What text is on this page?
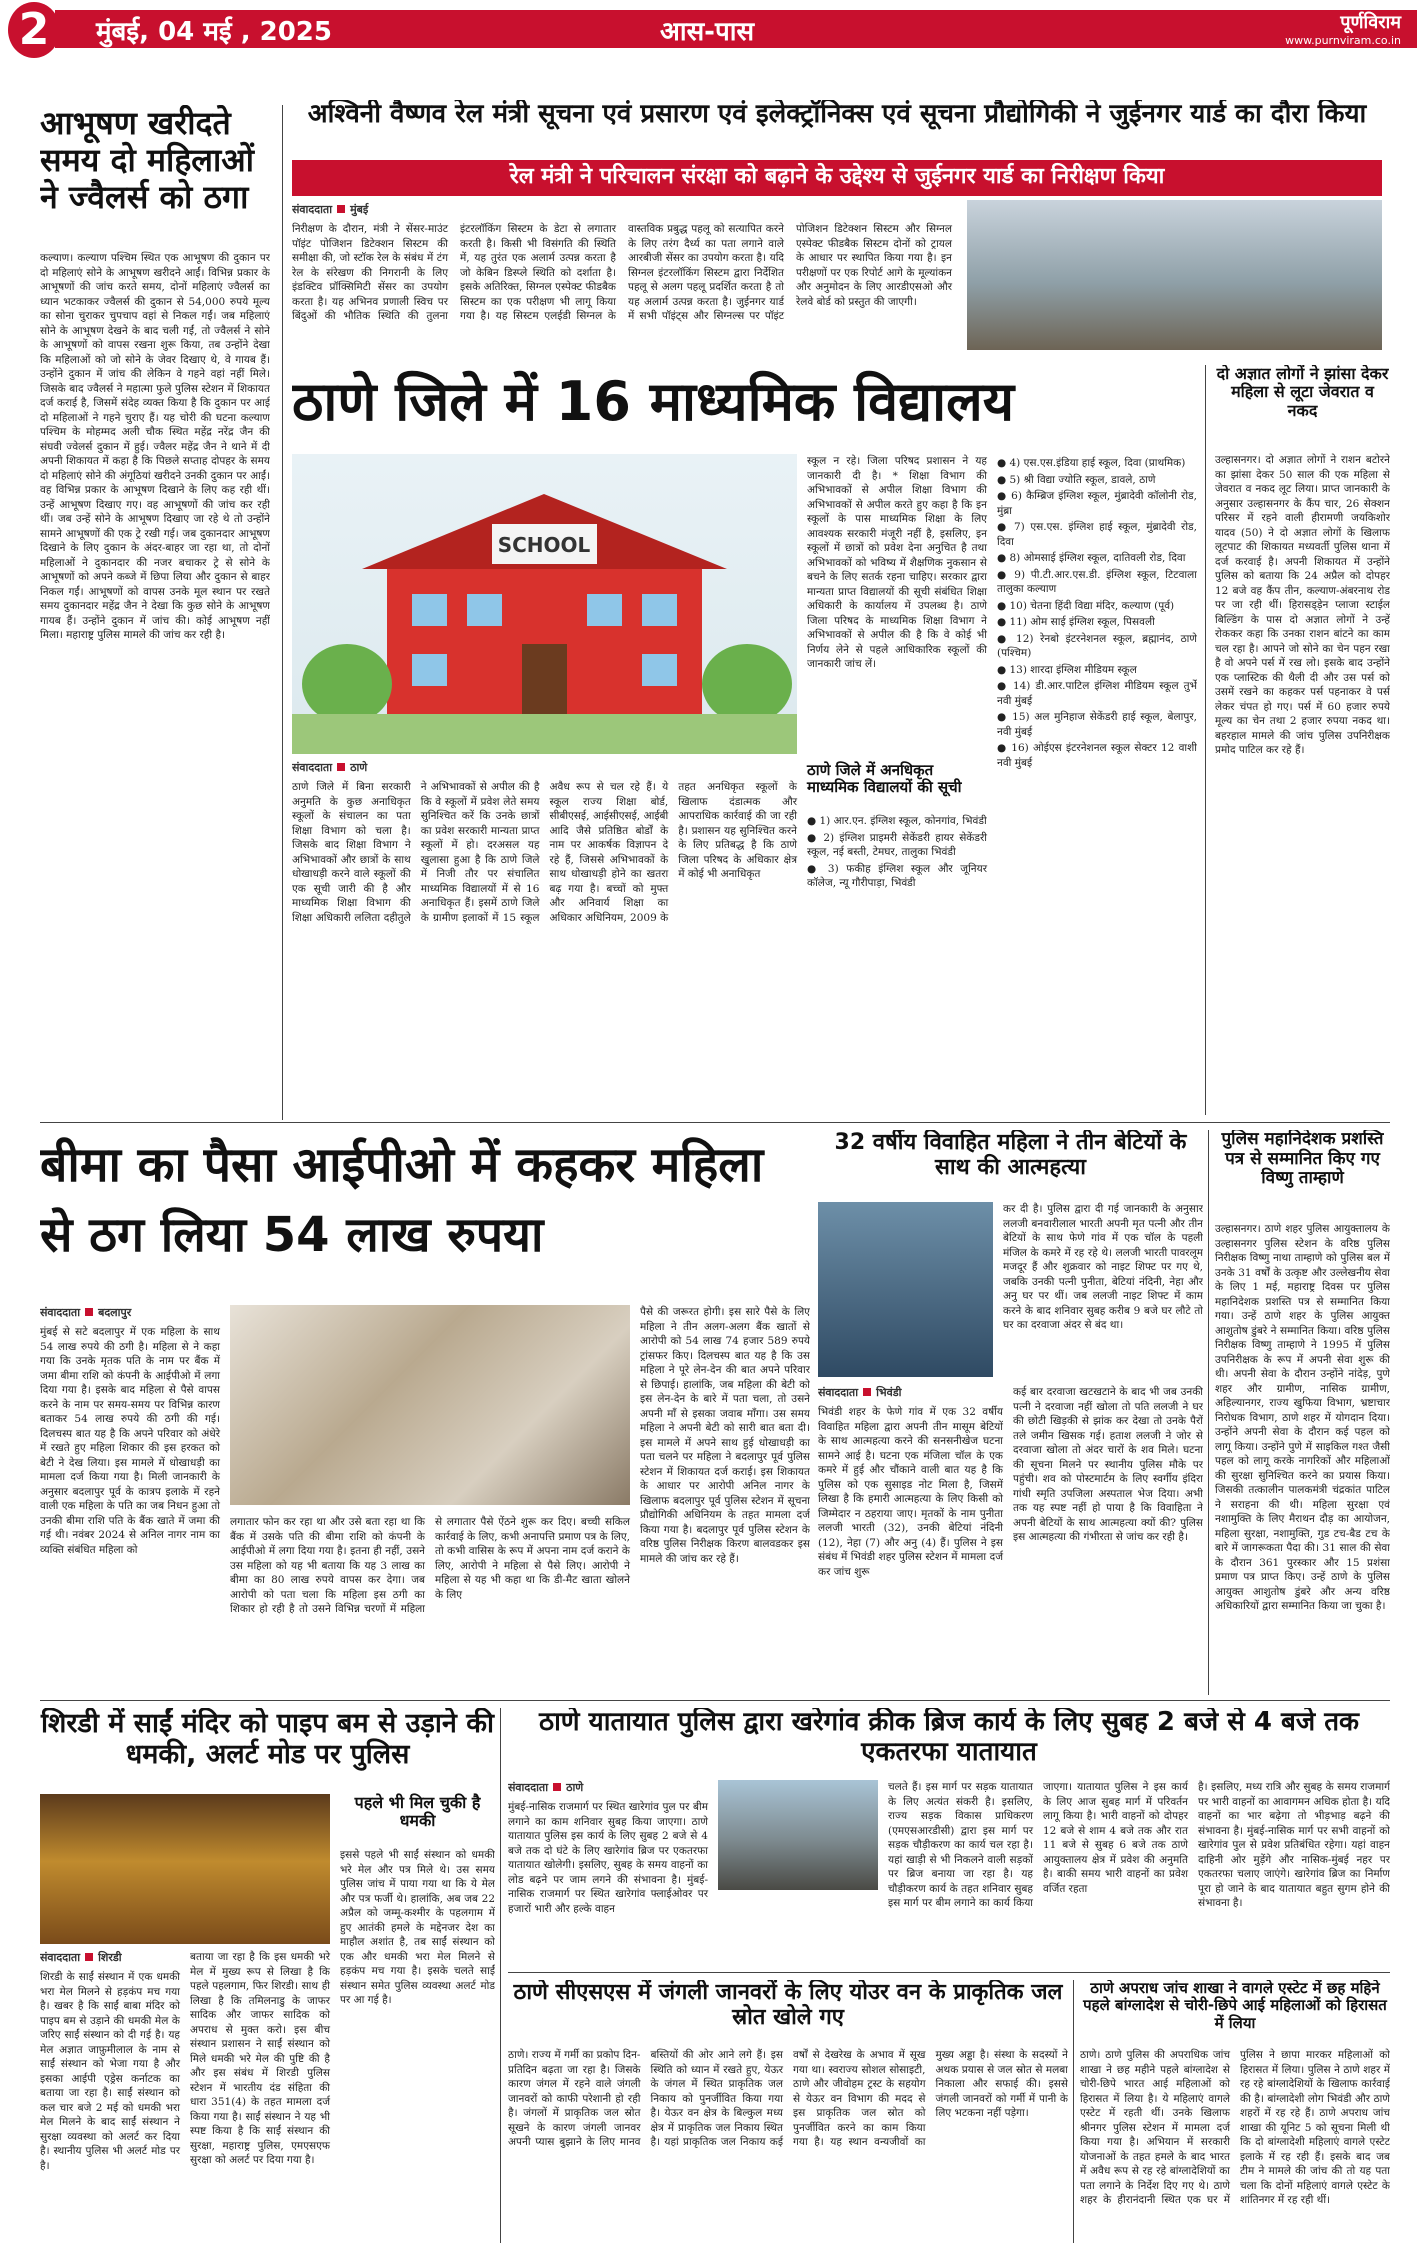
2	मुंबई, 04 मई , 2025	आस-पास	पूर्णविराम
www.purnviram.co.in
आभूषण खरीदते समय दो महिलाओं ने ज्वैलर्स को ठगा
कल्याण। कल्याण पश्चिम स्थित एक आभूषण की दुकान पर दो महिलाएं सोने के आभूषण खरीदने आईं। विभिन्न प्रकार के आभूषणों की जांच करते समय, दोनों महिलाएं ज्वैलर्स का ध्यान भटकाकर ज्वैलर्स की दुकान से 54,000 रुपये मूल्य का सोना चुराकर चुपचाप वहां से निकल गईं। जब महिलाएं सोने के आभूषण देखने के बाद चली गईं, तो ज्वैलर्स ने सोने के आभूषणों को वापस रखना शुरू किया, तब उन्होंने देखा कि महिलाओं को जो सोने के जेवर दिखाए थे, वे गायब हैं। उन्होंने दुकान में जांच की लेकिन वे गहने वहां नहीं मिले। जिसके बाद ज्वैलर्स ने महात्मा फुले पुलिस स्टेशन में शिकायत दर्ज कराई है, जिसमें संदेह व्यक्त किया है कि दुकान पर आई दो महिलाओं ने गहने चुराए हैं। यह चोरी की घटना कल्याण पश्चिम के मोहम्मद अली चौक स्थित महेंद्र नरेंद्र जैन की संघवी ज्वेलर्स दुकान में हुई। ज्वैलर महेंद्र जैन ने थाने में दी अपनी शिकायत में कहा है कि पिछले सप्ताह दोपहर के समय दो महिलाएं सोने की अंगूठियां खरीदने उनकी दुकान पर आईं। वह विभिन्न प्रकार के आभूषण दिखाने के लिए कह रही थीं। उन्हें आभूषण दिखाए गए। वह आभूषणों की जांच कर रही थीं। जब उन्हें सोने के आभूषण दिखाए जा रहे थे तो उन्होंने सामने आभूषणों की एक ट्रे रखी गई। जब दुकानदार आभूषण दिखाने के लिए दुकान के अंदर-बाहर जा रहा था, तो दोनों महिलाओं ने दुकानदार की नजर बचाकर ट्रे से सोने के आभूषणों को अपने कब्जे में छिपा लिया और दुकान से बाहर निकल गईं। आभूषणों को वापस उनके मूल स्थान पर रखते समय दुकानदार महेंद्र जैन ने देखा कि कुछ सोने के आभूषण गायब हैं। उन्होंने दुकान में जांच की। कोई आभूषण नहीं मिला। महाराष्ट्र पुलिस मामले की जांच कर रही है।
अश्विनी वैष्णव रेल मंत्री सूचना एवं प्रसारण एवं इलेक्ट्रॉनिक्स एवं सूचना प्रौद्योगिकी ने जुईनगर यार्ड का दौरा किया
रेल मंत्री ने परिचालन संरक्षा को बढ़ाने के उद्देश्य से जुईनगर यार्ड का निरीक्षण किया
संवाददाता मुंबई
निरीक्षण के दौरान, मंत्री ने सेंसर-माउंट पॉइंट पोजिशन डिटेक्शन सिस्टम की समीक्षा की, जो स्टॉक रेल के संबंध में टंग रेल के संरेखण की निगरानी के लिए इंडक्टिव प्रॉक्सिमिटी सेंसर का उपयोग करता है। यह अभिनव प्रणाली स्विच पर बिंदुओं की भौतिक स्थिति की तुलना इंटरलॉकिंग सिस्टम के डेटा से लगातार करती है। किसी भी विसंगति की स्थिति में, यह तुरंत एक अलार्म उत्पन्न करता है जो केबिन डिस्प्ले स्थिति को दर्शाता है। इसके अतिरिक्त, सिग्नल एस्पेक्ट फीडबैक सिस्टम का एक परीक्षण भी लागू किया गया है। यह सिस्टम एलईडी सिग्नल के वास्तविक प्रबुद्ध पहलू को सत्यापित करने के लिए तरंग दैर्ध्य का पता लगाने वाले आरबीजी सेंसर का उपयोग करता है। यदि सिग्नल इंटरलॉकिंग सिस्टम द्वारा निर्देशित पहलू से अलग पहलू प्रदर्शित करता है तो यह अलार्म उत्पन्न करता है। जुईनगर यार्ड में सभी पॉइंट्स और सिग्नल्स पर पॉइंट पोजिशन डिटेक्शन सिस्टम और सिग्नल एस्पेक्ट फीडबैक सिस्टम दोनों को ट्रायल के आधार पर स्थापित किया गया है। इन परीक्षणों पर एक रिपोर्ट आगे के मूल्यांकन और अनुमोदन के लिए आरडीएसओ और रेलवे बोर्ड को प्रस्तुत की जाएगी।
ठाणे जिले में 16 माध्यमिक विद्यालय
SCHOOL
संवाददाता ठाणे
ठाणे जिले में बिना सरकारी अनुमति के कुछ अनाधिकृत स्कूलों के संचालन का पता शिक्षा विभाग को चला है। जिसके बाद शिक्षा विभाग ने अभिभावकों और छात्रों के साथ धोखाधड़ी करने वाले स्कूलों की एक सूची जारी की है और माध्यमिक शिक्षा विभाग की शिक्षा अधिकारी ललिता दहीतुले ने अभिभावकों से अपील की है कि वे स्कूलों में प्रवेश लेते समय सुनिश्चित करें कि उनके छात्रों का प्रवेश सरकारी मान्यता प्राप्त स्कूलों में हो। दरअसल यह खुलासा हुआ है कि ठाणे जिले में निजी तौर पर संचालित माध्यमिक विद्यालयों में से 16 अनाधिकृत हैं। इसमें ठाणे जिले के ग्रामीण इलाकों में 15 स्कूल अवैध रूप से चल रहे हैं। ये स्कूल राज्य शिक्षा बोर्ड, सीबीएसई, आईसीएसई, आईबी आदि जैसे प्रतिष्ठित बोर्डों के नाम पर आकर्षक विज्ञापन दे रहे हैं, जिससे अभिभावकों के साथ धोखाधड़ी होने का खतरा बढ़ गया है। बच्चों को मुफ्त और अनिवार्य शिक्षा का अधिकार अधिनियम, 2009 के तहत अनधिकृत स्कूलों के खिलाफ दंडात्मक और आपराधिक कार्रवाई की जा रही है। प्रशासन यह सुनिश्चित करने के लिए प्रतिबद्ध है कि ठाणे जिला परिषद के अधिकार क्षेत्र में कोई भी अनाधिकृत
स्कूल न रहे। जिला परिषद प्रशासन ने यह जानकारी दी है। * शिक्षा विभाग की अभिभावकों से अपील शिक्षा विभाग की अभिभावकों से अपील करते हुए कहा है कि इन स्कूलों के पास माध्यमिक शिक्षा के लिए आवश्यक सरकारी मंजूरी नहीं है, इसलिए, इन स्कूलों में छात्रों को प्रवेश देना अनुचित है तथा अभिभावकों को भविष्य में शैक्षणिक नुकसान से बचने के लिए सतर्क रहना चाहिए। सरकार द्वारा मान्यता प्राप्त विद्यालयों की सूची संबंधित शिक्षा अधिकारी के कार्यालय में उपलब्ध है। ठाणे जिला परिषद के माध्यमिक शिक्षा विभाग ने अभिभावकों से अपील की है कि वे कोई भी निर्णय लेने से पहले आधिकारिक स्कूलों की जानकारी जांच लें।
ठाणे जिले में अनधिकृत माध्यमिक विद्यालयों की सूची
● 1) आर.एन. इंग्लिश स्कूल, कोनगांव, भिवंडी
● 2) इंग्लिश प्राइमरी सेकेंडरी हायर सेकेंडरी स्कूल, नई बस्ती, टेमघर, तालुका भिवंडी
● 3) फकीह इंग्लिश स्कूल और जूनियर कॉलेज, न्यू गौरीपाड़ा, भिवंडी
● 4) एस.एस.इंडिया हाई स्कूल, दिवा (प्राथमिक)
● 5) श्री विद्या ज्योति स्कूल, डावले, ठाणे
● 6) कैम्ब्रिज इंग्लिश स्कूल, मुंब्रादेवी कॉलोनी रोड, मुंब्रा
● 7) एस.एस. इंग्लिश हाई स्कूल, मुंब्रादेवी रोड, दिवा
● 8) ओमसाई इंग्लिश स्कूल, दातिवली रोड, दिवा
● 9) पी.टी.आर.एस.डी. इंग्लिश स्कूल, टिटवाला तालुका कल्याण
● 10) चेतना हिंदी विद्या मंदिर, कल्याण (पूर्व)
● 11) ओम साई इंग्लिश स्कूल, पिसवली
● 12) रेनबो इंटरनेशनल स्कूल, ब्रह्मानंद, ठाणे (पश्चिम)
● 13) शारदा इंग्लिश मीडियम स्कूल
● 14) डी.आर.पाटिल इंग्लिश मीडियम स्कूल तुर्भे नवी मुंबई
● 15) अल मुनिहाज सेकेंडरी हाई स्कूल, बेलापुर, नवी मुंबई
● 16) ओईएस इंटरनेशनल स्कूल सेक्टर 12 वाशी नवी मुंबई
दो अज्ञात लोगों ने झांसा देकर महिला से लूटा जेवरात व नकद
उल्हासनगर। दो अज्ञात लोगों ने राशन बटोरने का झांसा देकर 50 साल की एक महिला से जेवरात व नकद लूट लिया। प्राप्त जानकारी के अनुसार उल्हासनगर के कैंप चार, 26 सेक्शन परिसर में रहने वाली हीरामणी जयकिशोर यादव (50) ने दो अज्ञात लोगों के खिलाफ लूटपाट की शिकायत मध्यवर्ती पुलिस थाना में दर्ज करवाई है। अपनी शिकायत में उन्होंने पुलिस को बताया कि 24 अप्रैल को दोपहर 12 बजे वह कैंप तीन, कल्याण-अंबरनाथ रोड पर जा रही थीं। हिरासड्ड़ेन प्लाजा स्टाईल बिल्डिंग के पास दो अज्ञात लोगों ने उन्हें रोककर कहा कि उनका राशन बांटने का काम चल रहा है। आपने जो सोने का चेन पहन रखा है वो अपने पर्स में रख लो। इसके बाद उन्होंने एक प्लास्टिक की थैली दी और उस पर्स को उसमें रखने का कहकर पर्स पहनाकर वे पर्स लेकर चंपत हो गए। पर्स में 60 हजार रुपये मूल्य का चेन तथा 2 हजार रुपया नकद था। बहरहाल मामले की जांच पुलिस उपनिरीक्षक प्रमोद पाटिल कर रहे हैं।
बीमा का पैसा आईपीओ में कहकर महिला से ठग लिया 54 लाख रुपया
संवाददाता बदलापुर
मुंबई से सटे बदलापुर में एक महिला के साथ 54 लाख रुपये की ठगी है। महिला से ने कहा गया कि उनके मृतक पति के नाम पर बैंक में जमा बीमा राशि को कंपनी के आईपीओ में लगा दिया गया है। इसके बाद महिला से पैसे वापस करने के नाम पर समय-समय पर विभिन्न कारण बताकर 54 लाख रुपये की ठगी की गई। दिलचस्प बात यह है कि अपने परिवार को अंधेरे में रखते हुए महिला शिकार की इस हरकत को बेटी ने देख लिया। इस मामले में धोखाधड़ी का मामला दर्ज किया गया है। मिली जानकारी के अनुसार बदलापुर पूर्व के कात्रप इलाके में रहने वाली एक महिला के पति का जब निधन हुआ तो उनकी बीमा राशि पति के बैंक खाते में जमा की गई थी। नवंबर 2024 से अनिल नागर नाम का व्यक्ति संबंधित महिला को
लगातार फोन कर रहा था और उसे बता रहा था कि बैंक में उसके पति की बीमा राशि को कंपनी के आईपीओ में लगा दिया गया है। इतना ही नहीं, उसने उस महिला को यह भी बताया कि यह 3 लाख का बीमा का 80 लाख रुपये वापस कर देगा। जब आरोपी को पता चला कि महिला इस ठगी का शिकार हो रही है तो उसने विभिन्न चरणों में महिला से लगातार पैसे ऐंठने शुरू कर दिए। बच्ची सकिल कार्रवाई के लिए, कभी अनापत्ति प्रमाण पत्र के लिए, तो कभी वासिस के रूप में अपना नाम दर्ज कराने के लिए, आरोपी ने महिला से पैसे लिए। आरोपी ने महिला से यह भी कहा था कि डी-मैट खाता खोलने के लिए
पैसे की जरूरत होगी। इस सारे पैसे के लिए महिला ने तीन अलग-अलग बैंक खातों से आरोपी को 54 लाख 74 हजार 589 रुपये ट्रांसफर किए। दिलचस्प बात यह है कि उस महिला ने पूरे लेन-देन की बात अपने परिवार से छिपाई। हालांकि, जब महिला की बेटी को इस लेन-देन के बारे में पता चला, तो उसने अपनी माँ से इसका जवाब माँगा। उस समय महिला ने अपनी बेटी को सारी बात बता दी। इस मामले में अपने साथ हुई धोखाधड़ी का पता चलने पर महिला ने बदलापुर पूर्व पुलिस स्टेशन में शिकायत दर्ज कराई। इस शिकायत के आधार पर आरोपी अनिल नागर के खिलाफ बदलापुर पूर्व पुलिस स्टेशन में सूचना प्रौद्योगिकी अधिनियम के तहत मामला दर्ज किया गया है। बदलापुर पूर्व पुलिस स्टेशन के वरिष्ठ पुलिस निरीक्षक किरण बालवडकर इस मामले की जांच कर रहे हैं।
32 वर्षीय विवाहित महिला ने तीन बेटियों के साथ की आत्महत्या
कर दी है। पुलिस द्वारा दी गई जानकारी के अनुसार ललजी बनवारीलाल भारती अपनी मृत पत्नी और तीन बेटियों के साथ फेणे गांव में एक चॉल के पहली मंजिल के कमरे में रह रहे थे। ललजी भारती पावरलूम मजदूर हैं और शुक्रवार को नाइट शिफ्ट पर गए थे, जबकि उनकी पत्नी पुनीता, बेटियां नंदिनी, नेहा और अनु घर पर थीं। जब ललजी नाइट शिफ्ट में काम करने के बाद शनिवार सुबह करीब 9 बजे घर लौटे तो घर का दरवाजा अंदर से बंद था।
संवाददाता भिवंडी
भिवंडी शहर के फेणे गांव में एक 32 वर्षीय विवाहित महिला द्वारा अपनी तीन मासूम बेटियों के साथ आत्महत्या करने की सनसनीखेज घटना सामने आई है। घटना एक मंजिला चॉल के एक कमरे में हुई और चौंकाने वाली बात यह है कि पुलिस को एक सुसाइड नोट मिला है, जिसमें लिखा है कि हमारी आत्महत्या के लिए किसी को जिम्मेदार न ठहराया जाए। मृतकों के नाम पुनीता ललजी भारती (32), उनकी बेटियां नंदिनी (12), नेहा (7) और अनु (4) हैं। पुलिस ने इस संबंध में भिवंडी शहर पुलिस स्टेशन में मामला दर्ज कर जांच शुरू
कई बार दरवाजा खटखटाने के बाद भी जब उनकी पत्नी ने दरवाजा नहीं खोला तो पति ललजी ने घर की छोटी खिड़की से झांक कर देखा तो उनके पैरों तले जमीन खिसक गई। हताश ललजी ने जोर से दरवाजा खोला तो अंदर चारों के शव मिले। घटना की सूचना मिलने पर स्थानीय पुलिस मौके पर पहुंची। शव को पोस्टमार्टम के लिए स्वर्गीय इंदिरा गांधी स्मृति उपजिला अस्पताल भेज दिया। अभी तक यह स्पष्ट नहीं हो पाया है कि विवाहिता ने अपनी बेटियों के साथ आत्महत्या क्यों की? पुलिस इस आत्महत्या की गंभीरता से जांच कर रही है।
पुलिस महानिदेशक प्रशस्ति पत्र से सम्मानित किए गए विष्णु ताम्हाणे
उल्हासनगर। ठाणे शहर पुलिस आयुक्तालय के उल्हासनगर पुलिस स्टेशन के वरिष्ठ पुलिस निरीक्षक विष्णु नाथा ताम्हाणे को पुलिस बल में उनके 31 वर्षों के उत्कृष्ट और उल्लेखनीय सेवा के लिए 1 मई, महाराष्ट्र दिवस पर पुलिस महानिदेशक प्रशस्ति पत्र से सम्मानित किया गया। उन्हें ठाणे शहर के पुलिस आयुक्त आशुतोष डुंबरे ने सम्मानित किया। वरिष्ठ पुलिस निरीक्षक विष्णु ताम्हाणे ने 1995 में पुलिस उपनिरीक्षक के रूप में अपनी सेवा शुरू की थी। अपनी सेवा के दौरान उन्होंने नांदेड़, पुणे शहर और ग्रामीण, नासिक ग्रामीण, अहिल्यानगर, राज्य खुफिया विभाग, भ्रष्टाचार निरोधक विभाग, ठाणे शहर में योगदान दिया। उन्होंने अपनी सेवा के दौरान कई पहल को लागू किया। उन्होंने पुणे में साइकिल गश्त जैसी पहल को लागू करके नागरिकों और महिलाओं की सुरक्षा सुनिश्चित करने का प्रयास किया। जिसकी तत्कालीन पालकमंत्री चंद्रकांत पाटिल ने सराहना की थी। महिला सुरक्षा एवं नशामुक्ति के लिए मैराथन दौड़ का आयोजन, महिला सुरक्षा, नशामुक्ति, गुड टच-बैड टच के बारे में जागरूकता पैदा की। 31 साल की सेवा के दौरान 361 पुरस्कार और 15 प्रशंसा प्रमाण पत्र प्राप्त किए। उन्हें ठाणे के पुलिस आयुक्त आशुतोष डुंबरे और अन्य वरिष्ठ अधिकारियों द्वारा सम्मानित किया जा चुका है।
शिरडी में साईं मंदिर को पाइप बम से उड़ाने की धमकी, अलर्ट मोड पर पुलिस
संवाददाता शिरडी
शिरडी के साईं संस्थान में एक धमकी भरा मेल मिलने से हड़कंप मच गया है। खबर है कि साईं बाबा मंदिर को पाइप बम से उड़ाने की धमकी मेल के जरिए साईं संस्थान को दी गई है। यह मेल अज्ञात जाफ़ुमीलाल के नाम से साईं संस्थान को भेजा गया है और इसका आईपी एड्रेस कर्नाटक का बताया जा रहा है। साईं संस्थान को कल चार बजे 2 मई को धमकी भरा मेल मिलने के बाद साईं संस्थान ने सुरक्षा व्यवस्था को अलर्ट कर दिया है। स्थानीय पुलिस भी अलर्ट मोड पर है।
बताया जा रहा है कि इस धमकी भरे मेल में मुख्य रूप से लिखा है कि पहले पहलगाम, फिर शिरडी। साथ ही लिखा है कि तमिलनाडु के जाफर सादिक और जाफर सादिक को अपराध से मुक्त करो। इस बीच संस्थान प्रशासन ने साईं संस्थान को मिले धमकी भरे मेल की पुष्टि की है और इस संबंध में शिरडी पुलिस स्टेशन में भारतीय दंड संहिता की धारा 351(4) के तहत मामला दर्ज किया गया है। साईं संस्थान ने यह भी स्पष्ट किया है कि साईं संस्थान की सुरक्षा, महाराष्ट्र पुलिस, एमएसएफ सुरक्षा को अलर्ट पर दिया गया है।
पहले भी मिल चुकी है धमकी
इससे पहले भी साईं संस्थान को धमकी भरे मेल और पत्र मिले थे। उस समय पुलिस जांच में पाया गया था कि ये मेल और पत्र फर्जी थे। हालांकि, अब जब 22 अप्रैल को जम्मू-कश्मीर के पहलगाम में हुए आतंकी हमले के मद्देनजर देश का माहौल अशांत है, तब साईं संस्थान को एक और धमकी भरा मेल मिलने से हड़कंप मच गया है। इसके चलते साईं संस्थान समेत पुलिस व्यवस्था अलर्ट मोड पर आ गई है।
ठाणे यातायात पुलिस द्वारा खरेगांव क्रीक ब्रिज कार्य के लिए सुबह 2 बजे से 4 बजे तक एकतरफा यातायात
संवाददाता ठाणे
मुंबई-नासिक राजमार्ग पर स्थित खारेगांव पुल पर बीम लगाने का काम शनिवार सुबह किया जाएगा। ठाणे यातायात पुलिस इस कार्य के लिए सुबह 2 बजे से 4 बजे तक दो घंटे के लिए खारेगांव ब्रिज पर एकतरफा यातायात खोलेगी। इसलिए, सुबह के समय वाहनों का लोड बढ़ने पर जाम लगने की संभावना है। मुंबई-नासिक राजमार्ग पर स्थित खारेगांव फ्लाईओवर पर हजारों भारी और हल्के वाहन
चलते हैं। इस मार्ग पर सड़क यातायात के लिए अत्यंत संकरी है। इसलिए, राज्य सड़क विकास प्राधिकरण (एमएसआरडीसी) द्वारा इस मार्ग पर सड़क चौड़ीकरण का कार्य चल रहा है। यहां खाड़ी से भी निकलने वाली सड़कों पर ब्रिज बनाया जा रहा है। यह चौड़ीकरण कार्य के तहत शनिवार सुबह इस मार्ग पर बीम लगाने का कार्य किया जाएगा। यातायात पुलिस ने इस कार्य के लिए आज सुबह मार्ग में परिवर्तन लागू किया है। भारी वाहनों को दोपहर 12 बजे से शाम 4 बजे तक और रात 11 बजे से सुबह 6 बजे तक ठाणे आयुक्तालय क्षेत्र में प्रवेश की अनुमति है। बाकी समय भारी वाहनों का प्रवेश वर्जित रहता
है। इसलिए, मध्य रात्रि और सुबह के समय राजमार्ग पर भारी वाहनों का आवागमन अधिक होता है। यदि वाहनों का भार बढ़ेगा तो भीड़भाड़ बढ़ने की संभावना है। मुंबई-नासिक मार्ग पर सभी वाहनों को खारेगांव पुल से प्रवेश प्रतिबंधित रहेगा। यहां वाहन दाहिनी ओर मुड़ेंगे और नासिक-मुंबई नहर पर एकतरफा चलाए जाएंगे। खारेगांव ब्रिज का निर्माण पूरा हो जाने के बाद यातायात बहुत सुगम होने की संभावना है।
ठाणे सीएसएस में जंगली जानवरों के लिए योउर वन के प्राकृतिक जल स्रोत खोले गए
ठाणे। राज्य में गर्मी का प्रकोप दिन-प्रतिदिन बढ़ता जा रहा है। जिसके कारण जंगल में रहने वाले जंगली जानवरों को काफी परेशानी हो रही है। जंगलों में प्राकृतिक जल स्रोत सूखने के कारण जंगली जानवर अपनी प्यास बुझाने के लिए मानव बस्तियों की ओर आने लगे हैं। इस स्थिति को ध्यान में रखते हुए, येऊर के जंगल में स्थित प्राकृतिक जल निकाय को पुनर्जीवित किया गया है। येऊर वन क्षेत्र के बिल्कुल मध्य क्षेत्र में प्राकृतिक जल निकाय स्थित है। यहां प्राकृतिक जल निकाय कई वर्षों से देखरेख के अभाव में सूख गया था। स्वराज्य सोशल सोसाइटी, ठाणे और जीवोहम ट्रस्ट के सहयोग से येऊर वन विभाग की मदद से इस प्राकृतिक जल स्रोत को पुनर्जीवित करने का काम किया गया है। यह स्थान वन्यजीवों का मुख्य अड्डा है। संस्था के सदस्यों ने अथक प्रयास से जल स्रोत से मलबा निकाला और सफाई की। इससे जंगली जानवरों को गर्मी में पानी के लिए भटकना नहीं पड़ेगा।
ठाणे अपराध जांच शाखा ने वागले एस्टेट में छह महिने पहले बांग्लादेश से चोरी-छिपे आई महिलाओं को हिरासत में लिया
ठाणे। ठाणे पुलिस की अपराधिक जांच शाखा ने छह महीने पहले बांग्लादेश से चोरी-छिपे भारत आई महिलाओं को हिरासत में लिया है। ये महिलाएं वागले एस्टेट में रहती थीं। उनके खिलाफ श्रीनगर पुलिस स्टेशन में मामला दर्ज किया गया है। अभियान में सरकारी योजनाओं के तहत हमले के बाद भारत में अवैध रूप से रह रहे बांग्लादेशियों का पता लगाने के निर्देश दिए गए थे। ठाणे शहर के हीरानंदानी स्थित एक घर में पुलिस ने छापा मारकर महिलाओं को हिरासत में लिया। पुलिस ने ठाणे शहर में रह रहे बांग्लादेशियों के खिलाफ कार्रवाई की है। बांग्लादेशी लोग भिवंडी और ठाणे शहरों में रह रहे हैं। ठाणे अपराध जांच शाखा की यूनिट 5 को सूचना मिली थी कि दो बांग्लादेशी महिलाएं वागले एस्टेट इलाके में रह रही हैं। इसके बाद जब टीम ने मामले की जांच की तो यह पता चला कि दोनों महिलाएं वागले एस्टेट के शांतिनगर में रह रही थीं।
